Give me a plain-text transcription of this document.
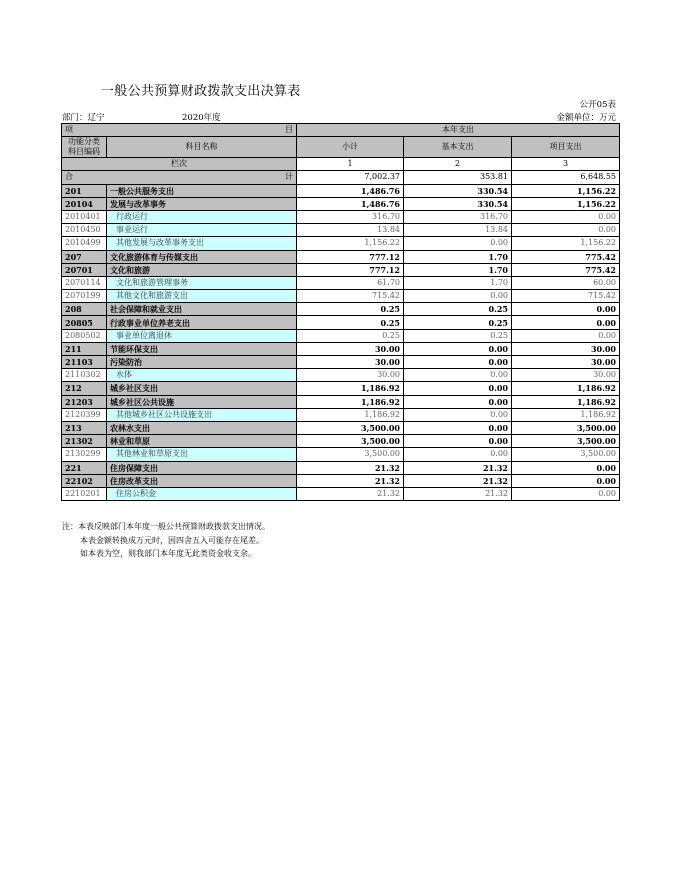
一般公共预算财政拨款支出决算表
公开05表
部门：辽宁	2020年度	金额单位：万元
项 目		本年支出		

功能分类
科目编码	科目名称	小计	基本支出	项目支出
栏次		1	2	3
合 计		7,002.37	353.81	6,648.55
201	一般公共服务支出	1,486.76	330.54	1,156.22
20104	发展与改革事务	1,486.76	330.54	1,156.22
2010401	行政运行	316.70	316.70	0.00
2010450	事业运行	13.84	13.84	0.00
2010499	其他发展与改革事务支出	1,156.22	0.00	1,156.22
207	文化旅游体育与传媒支出	777.12	1.70	775.42
20701	文化和旅游	777.12	1.70	775.42
2070114	文化和旅游管理事务	61.70	1.70	60.00
2070199	其他文化和旅游支出	715.42	0.00	715.42
208	社会保障和就业支出	0.25	0.25	0.00
20805	行政事业单位养老支出	0.25	0.25	0.00
2080502	事业单位离退休	0.25	0.25	0.00
211	节能环保支出	30.00	0.00	30.00
21103	污染防治	30.00	0.00	30.00
2110302	水体	30.00	0.00	30.00
212	城乡社区支出	1,186.92	0.00	1,186.92
21203	城乡社区公共设施	1,186.92	0.00	1,186.92
2120399	其他城乡社区公共设施支出	1,186.92	0.00	1,186.92
213	农林水支出	3,500.00	0.00	3,500.00
21302	林业和草原	3,500.00	0.00	3,500.00
2130299	其他林业和草原支出	3,500.00	0.00	3,500.00
221	住房保障支出	21.32	21.32	0.00
22102	住房改革支出	21.32	21.32	0.00
2210201	住房公积金	21.32	21.32	0.00
注：本表反映部门本年度一般公共预算财政拨款支出情况。
本表金额转换成万元时，因四舍五入可能存在尾差。
如本表为空，则我部门本年度无此类资金收支余。
